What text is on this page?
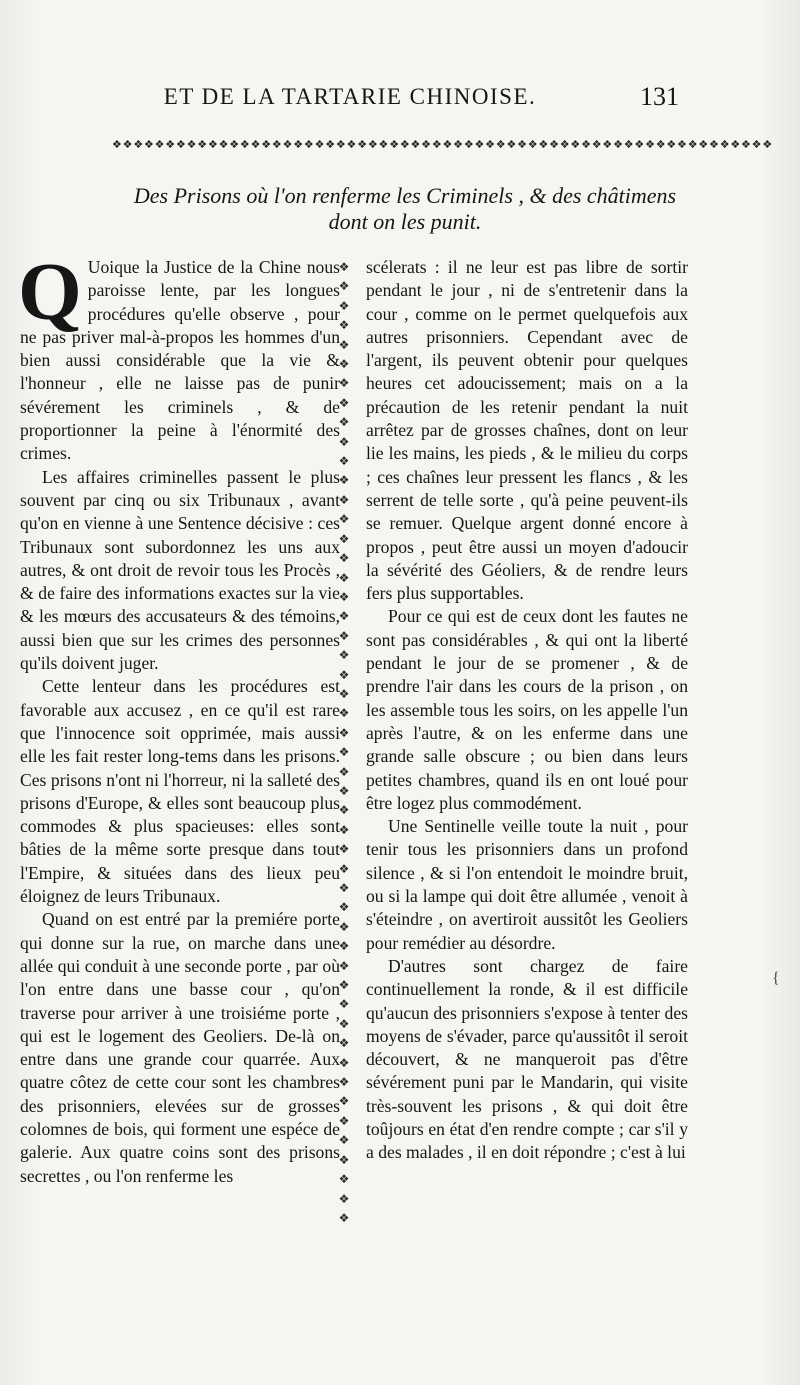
ET DE LA TARTARIE CHINOISE.	131
❖❖❖❖❖❖❖❖❖❖❖❖❖❖❖❖❖❖❖❖❖❖❖❖❖❖❖❖❖❖❖❖❖❖❖❖❖❖❖❖❖❖❖❖❖❖❖❖❖❖❖❖❖❖❖❖❖❖❖❖❖❖
Des Prisons où l'on renferme les Criminels , & des châtimens
dont on les punit.

Q Uoique la Justice de la Chine nous paroisse lente, par les longues procédures qu'elle observe , pour ne pas priver mal-à-propos les hommes d'un bien aussi considérable que la vie & l'honneur , elle ne laisse pas de punir sévérement les criminels , & de proportionner la peine à l'énormité des crimes.

Les affaires criminelles passent le plus souvent par cinq ou six Tribunaux , avant qu'on en vienne à une Sentence décisive : ces Tribunaux sont subordonnez les uns aux autres, & ont droit de revoir tous les Procès , & de faire des informations exactes sur la vie & les mœurs des accusateurs & des témoins, aussi bien que sur les crimes des personnes qu'ils doivent juger.

Cette lenteur dans les procédures est favorable aux accusez , en ce qu'il est rare que l'innocence soit opprimée, mais aussi elle les fait rester long-tems dans les prisons. Ces prisons n'ont ni l'horreur, ni la salleté des prisons d'Europe, & elles sont beaucoup plus commodes & plus spacieuses: elles sont bâties de la même sorte presque dans tout l'Empire, & situées dans des lieux peu éloignez de leurs Tribunaux.

Quand on est entré par la premiére porte qui donne sur la rue, on marche dans une allée qui conduit à une seconde porte , par où l'on entre dans une basse cour , qu'on traverse pour arriver à une troisiéme porte , qui est le logement des Geoliers. De-là on entre dans une grande cour quarrée. Aux quatre côtez de cette cour sont les chambres des prisonniers, elevées sur de grosses colomnes de bois, qui forment une espéce de galerie. Aux quatre coins sont des prisons secrettes , ou l'on renferme les

❖
❖
❖
❖
❖
❖
❖
❖
❖
❖
❖
❖
❖
❖
❖
❖
❖
❖
❖
❖
❖
❖
❖
❖
❖
❖
❖
❖
❖
❖
❖
❖
❖
❖
❖
❖
❖
❖
❖
❖
❖
❖
❖
❖
❖
❖
❖
❖
❖
❖

scélerats : il ne leur est pas libre de sortir pendant le jour , ni de s'entretenir dans la cour , comme on le permet quelquefois aux autres prisonniers. Cependant avec de l'argent, ils peuvent obtenir pour quelques heures cet adoucissement; mais on a la précaution de les retenir pendant la nuit arrêtez par de grosses chaînes, dont on leur lie les mains, les pieds , & le milieu du corps ; ces chaînes leur pressent les flancs , & les serrent de telle sorte , qu'à peine peuvent-ils se remuer. Quelque argent donné encore à propos , peut être aussi un moyen d'adoucir la sévérité des Géoliers, & de rendre leurs fers plus supportables.

Pour ce qui est de ceux dont les fautes ne sont pas considérables , & qui ont la liberté pendant le jour de se promener , & de prendre l'air dans les cours de la prison , on les assemble tous les soirs, on les appelle l'un après l'autre, & on les enferme dans une grande salle obscure ; ou bien dans leurs petites chambres, quand ils en ont loué pour être logez plus commodément.

Une Sentinelle veille toute la nuit , pour tenir tous les prisonniers dans un profond silence , & si l'on entendoit le moindre bruit, ou si la lampe qui doit être allumée , venoit à s'éteindre , on avertiroit aussitôt les Geoliers pour remédier au désordre.

D'autres sont chargez de faire continuellement la ronde, & il est difficile qu'aucun des prisonniers s'expose à tenter des moyens de s'évader, parce qu'aussitôt il seroit découvert, & ne manqueroit pas d'être sévérement puni par le Mandarin, qui visite très-souvent les prisons , & qui doit être toûjours en état d'en rendre compte ; car s'il y a des malades , il en doit répondre ; c'est à lui

{
